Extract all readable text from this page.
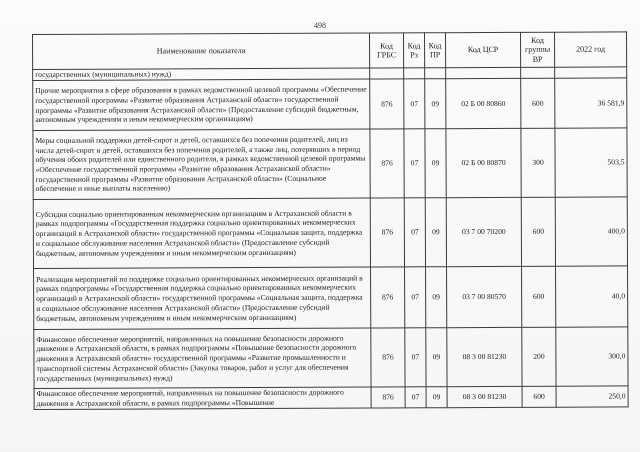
498
Наименование показателя	Код ГРБС	Код Рз	Код ПР	Код ЦСР	Код группы ВР	2022 год
государственных (муниципальных) нужд)						
Прочие мероприятия в сфере образования в рамках ведомственной целевой программы «Обеспечение государственной программы «Развитие образования Астраханской области» государственной программы «Развитие образования Астраханской области» (Предоставление субсидий бюджетным, автономным учреждениям и иным некоммерческим организациям)	876	07	09	02 Б 00 80860	600	36 581,9
Меры социальной поддержки детей-сирот и детей, оставшихся без попечения родителей, лиц из числа детей-сирот и детей, оставшихся без попечения родителей, а также лиц, потерявших в период обучения обоих родителей или единственного родителя, в рамках ведомственной целевой программы «Обеспечение государственной программы «Развитие образования Астраханской области» государственной программы «Развитие образования Астраханской области» (Социальное обеспечение и иные выплаты населению)	876	07	09	02 Б 00 80870	300	503,5
Субсидия социально ориентированным некоммерческим организациям в Астраханской области в рамках подпрограммы «Государственная поддержка социально ориентированных некоммерческих организаций в Астраханской области» государственной программы «Социальная защита, поддержка и социальное обслуживание населения Астраханской области» (Предоставление субсидий бюджетным, автономным учреждениям и иным некоммерческим организациям)	876	07	09	03 7 00 70200	600	400,0
Реализация мероприятий по поддержке социально ориентированных некоммерческих организаций в рамках подпрограммы «Государственная поддержка социально ориентированных некоммерческих организаций в Астраханской области» государственной программы «Социальная защита, поддержка и социальное обслуживание населения Астраханской области» (Предоставление субсидий бюджетным, автономным учреждениям и иным некоммерческим организациям)	876	07	09	03 7 00 80570	600	40,0
Финансовое обеспечение мероприятий, направленных на повышение безопасности дорожного движения в Астраханской области, в рамках подпрограммы «Повышение безопасности дорожного движения в Астраханской области» государственной программы «Развитие промышленности и транспортной системы Астраханской области» (Закупка товаров, работ и услуг для обеспечения государственных (муниципальных) нужд)	876	07	09	08 3 00 81230	200	300,0
Финансовое обеспечение мероприятий, направленных на повышение безопасности дорожного движения в Астраханской области, в рамках подпрограммы «Повышение	876	07	09	08 3 00 81230	600	250,0
